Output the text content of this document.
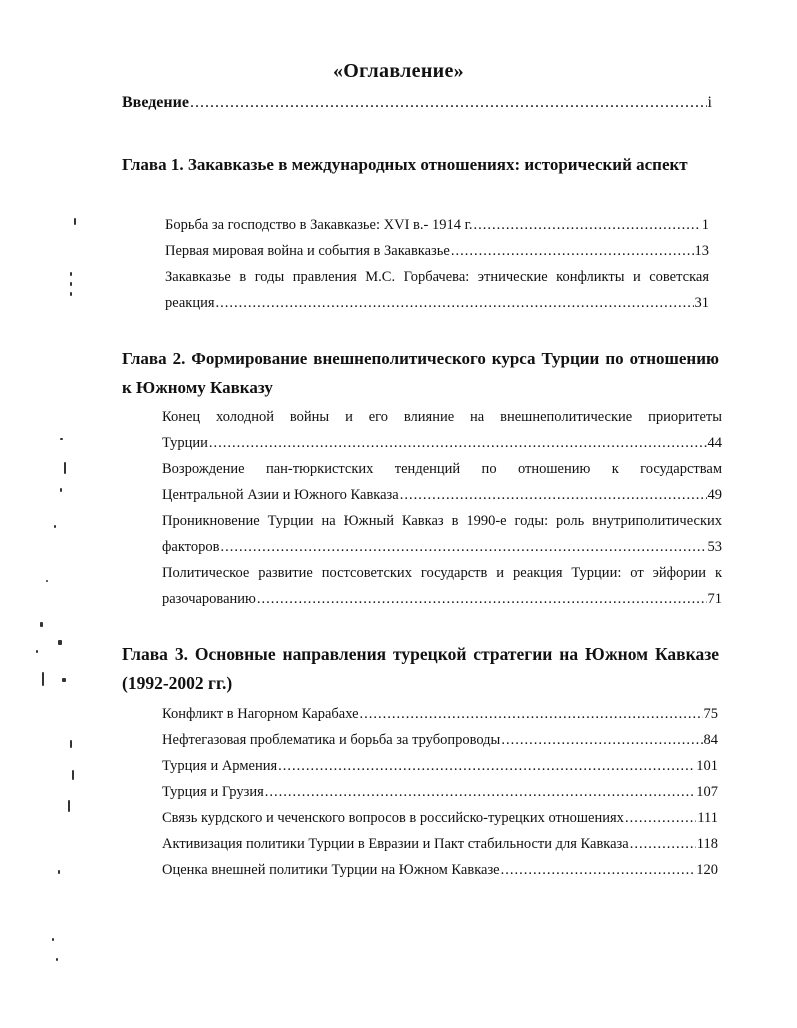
«Оглавление»
Введение .....	i
Глава 1. Закавказье в международных отношениях: исторический аспект
Борьба за господство в Закавказье: XVI в.- 1914 г. .....	1
Первая мировая война и события в Закавказье .....	13
Закавказье в годы правления М.С. Горбачева: этнические конфликты и советская
реакция .....	31
Глава 2. Формирование внешнеполитического курса Турции по отношению к Южному Кавказу
Конец холодной войны и его влияние на внешнеполитические приоритеты
Турции .....	44
Возрождение пан-тюркистских тенденций по отношению к государствам
Центральной Азии и Южного Кавказа .....	49
Проникновение Турции на Южный Кавказ в 1990-е годы: роль внутриполитических
факторов .....	53
Политическое развитие постсоветских государств и реакция Турции: от эйфории к
разочарованию .....	71
Глава 3. Основные направления турецкой стратегии на Южном Кавказе (1992-2002 гг.)
Конфликт в Нагорном Карабахе .....	75
Нефтегазовая проблематика и борьба за трубопроводы .....	84
Турция и Армения .....	101
Турция и Грузия .....	107
Связь курдского и чеченского вопросов в российско-турецких отношениях .....	111
Активизация политики Турции в Евразии и Пакт стабильности для Кавказа .....	118
Оценка внешней политики Турции на Южном Кавказе .....	120
